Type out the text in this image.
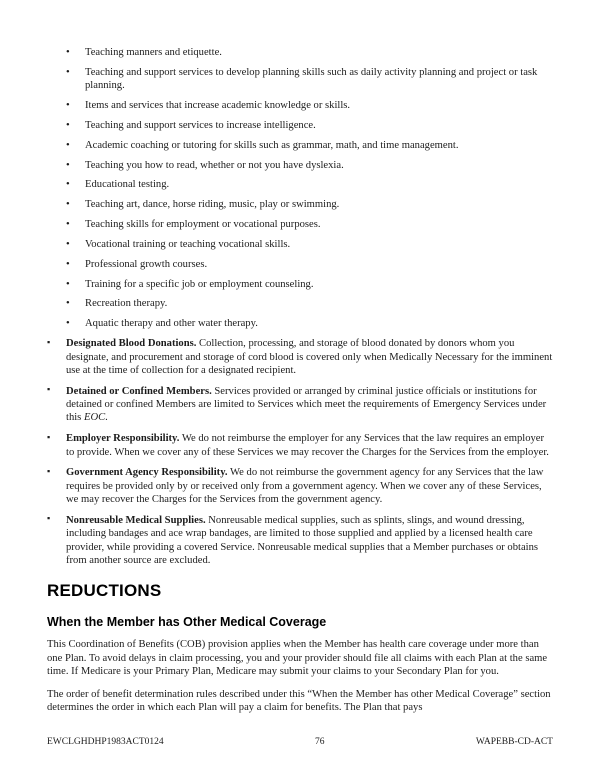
• Teaching manners and etiquette.
• Teaching and support services to develop planning skills such as daily activity planning and project or task planning.
• Items and services that increase academic knowledge or skills.
• Teaching and support services to increase intelligence.
• Academic coaching or tutoring for skills such as grammar, math, and time management.
• Teaching you how to read, whether or not you have dyslexia.
• Educational testing.
• Teaching art, dance, horse riding, music, play or swimming.
• Teaching skills for employment or vocational purposes.
• Vocational training or teaching vocational skills.
• Professional growth courses.
• Training for a specific job or employment counseling.
• Recreation therapy.
• Aquatic therapy and other water therapy.
▪ Designated Blood Donations. Collection, processing, and storage of blood donated by donors whom you designate, and procurement and storage of cord blood is covered only when Medically Necessary for the imminent use at the time of collection for a designated recipient.
▪ Detained or Confined Members. Services provided or arranged by criminal justice officials or institutions for detained or confined Members are limited to Services which meet the requirements of Emergency Services under this EOC.
▪ Employer Responsibility. We do not reimburse the employer for any Services that the law requires an employer to provide. When we cover any of these Services we may recover the Charges for the Services from the employer.
▪ Government Agency Responsibility. We do not reimburse the government agency for any Services that the law requires be provided only by or received only from a government agency. When we cover any of these Services, we may recover the Charges for the Services from the government agency.
▪ Nonreusable Medical Supplies. Nonreusable medical supplies, such as splints, slings, and wound dressing, including bandages and ace wrap bandages, are limited to those supplied and applied by a licensed health care provider, while providing a covered Service. Nonreusable medical supplies that a Member purchases or obtains from another source are excluded.
REDUCTIONS
When the Member has Other Medical Coverage

This Coordination of Benefits (COB) provision applies when the Member has health care coverage under more than one Plan. To avoid delays in claim processing, you and your provider should file all claims with each Plan at the same time. If Medicare is your Primary Plan, Medicare may submit your claims to your Secondary Plan for you.

The order of benefit determination rules described under this “When the Member has other Medical Coverage” section determines the order in which each Plan will pay a claim for benefits. The Plan that pays

EWCLGHDHP1983ACT0124	76	WAPEBB-CD-ACT
